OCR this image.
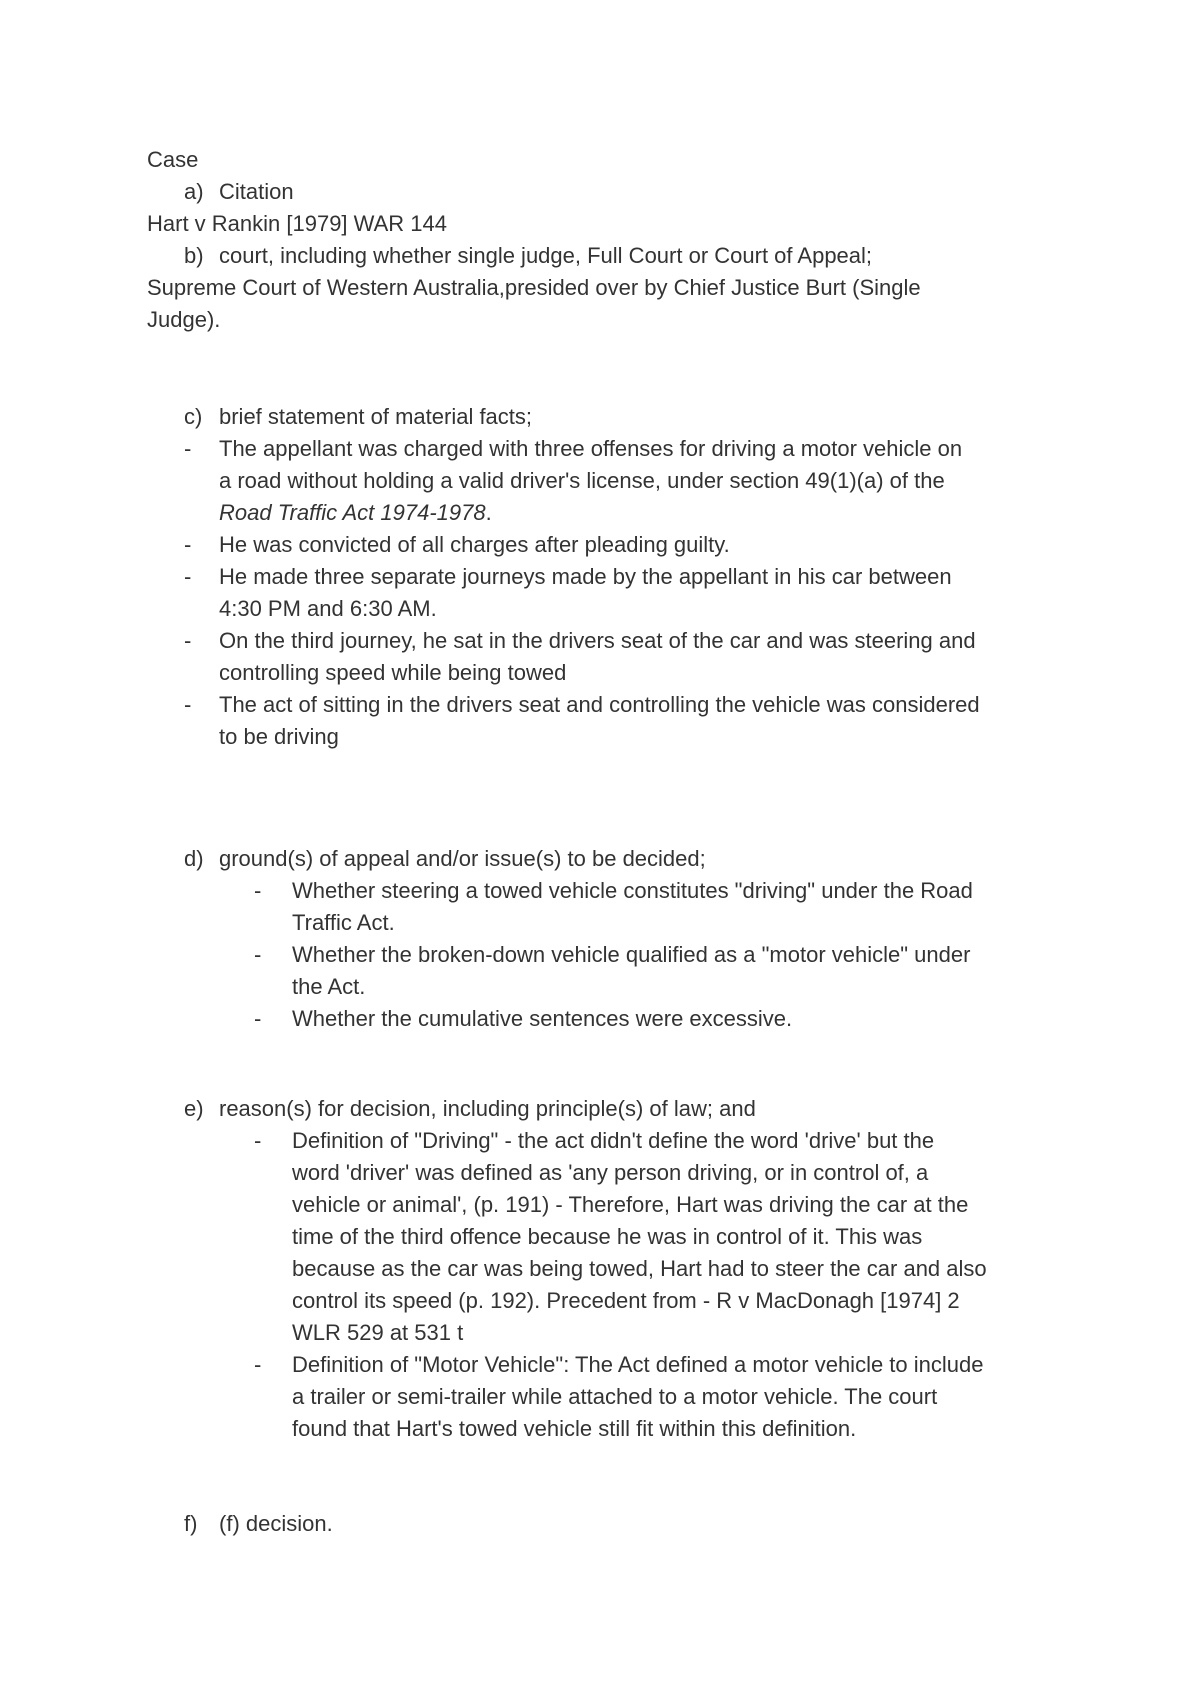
Case
a) Citation
Hart v Rankin [1979] WAR 144
b) court, including whether single judge, Full Court or Court of Appeal;
Supreme Court of Western Australia,presided over by Chief Justice Burt (Single
Judge).
c) brief statement of material facts;
- The appellant was charged with three offenses for driving a motor vehicle on
a road without holding a valid driver's license, under section 49(1)(a) of the
Road Traffic Act 1974-1978.
- He was convicted of all charges after pleading guilty.
- He made three separate journeys made by the appellant in his car between
4:30 PM and 6:30 AM.
- On the third journey, he sat in the drivers seat of the car and was steering and
controlling speed while being towed
- The act of sitting in the drivers seat and controlling the vehicle was considered
to be driving
d) ground(s) of appeal and/or issue(s) to be decided;
- Whether steering a towed vehicle constitutes "driving" under the Road
Traffic Act.
- Whether the broken-down vehicle qualified as a "motor vehicle" under
the Act.
- Whether the cumulative sentences were excessive.
e) reason(s) for decision, including principle(s) of law; and
- Definition of "Driving" - the act didn't define the word 'drive' but the
word 'driver' was defined as 'any person driving, or in control of, a
vehicle or animal', (p. 191) - Therefore, Hart was driving the car at the
time of the third offence because he was in control of it. This was
because as the car was being towed, Hart had to steer the car and also
control its speed (p. 192). Precedent from - R v MacDonagh [1974] 2
WLR 529 at 531 t
- Definition of "Motor Vehicle": The Act defined a motor vehicle to include
a trailer or semi-trailer while attached to a motor vehicle. The court
found that Hart's towed vehicle still fit within this definition.
f) (f) decision.
